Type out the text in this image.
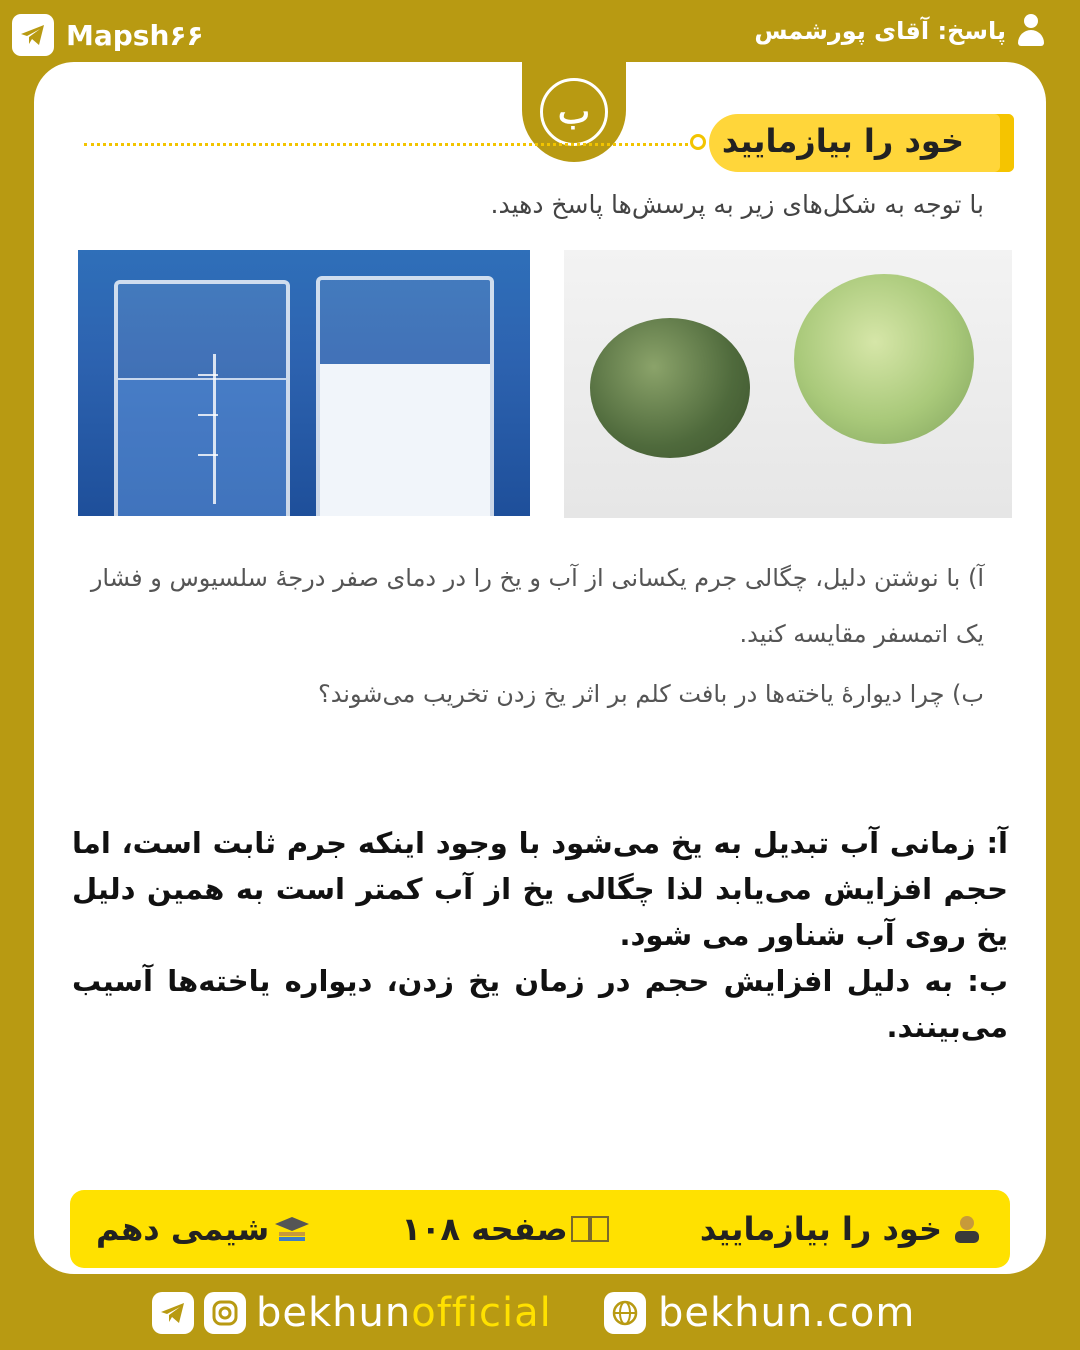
Mapsh۶۶	پاسخ: آقای پورشمس
ب
خود را بیازمایید
با توجه به شکل‌های زیر به پرسش‌ها پاسخ دهید.
آ) با نوشتن دلیل، چگالی جرم یکسانی از آب و یخ را در دمای صفر درجهٔ سلسیوس و فشار
یک اتمسفر مقایسه کنید.
ب) چرا دیوارهٔ یاخته‌ها در بافت کلم بر اثر یخ زدن تخریب می‌شوند؟

آ: زمانی آب تبدیل به یخ می‌شود با وجود اینکه جرم ثابت است، اما حجم افزایش می‌یابد لذا چگالی یخ از آب کمتر است به همین دلیل یخ روی آب شناور می شود.

ب: به دلیل افزایش حجم در زمان یخ زدن، دیواره یاخته‌ها آسیب می‌بینند.

خود را بیازمایید
صفحه ۱۰۸
شیمی دهم
bekhunofficial	bekhun.com
